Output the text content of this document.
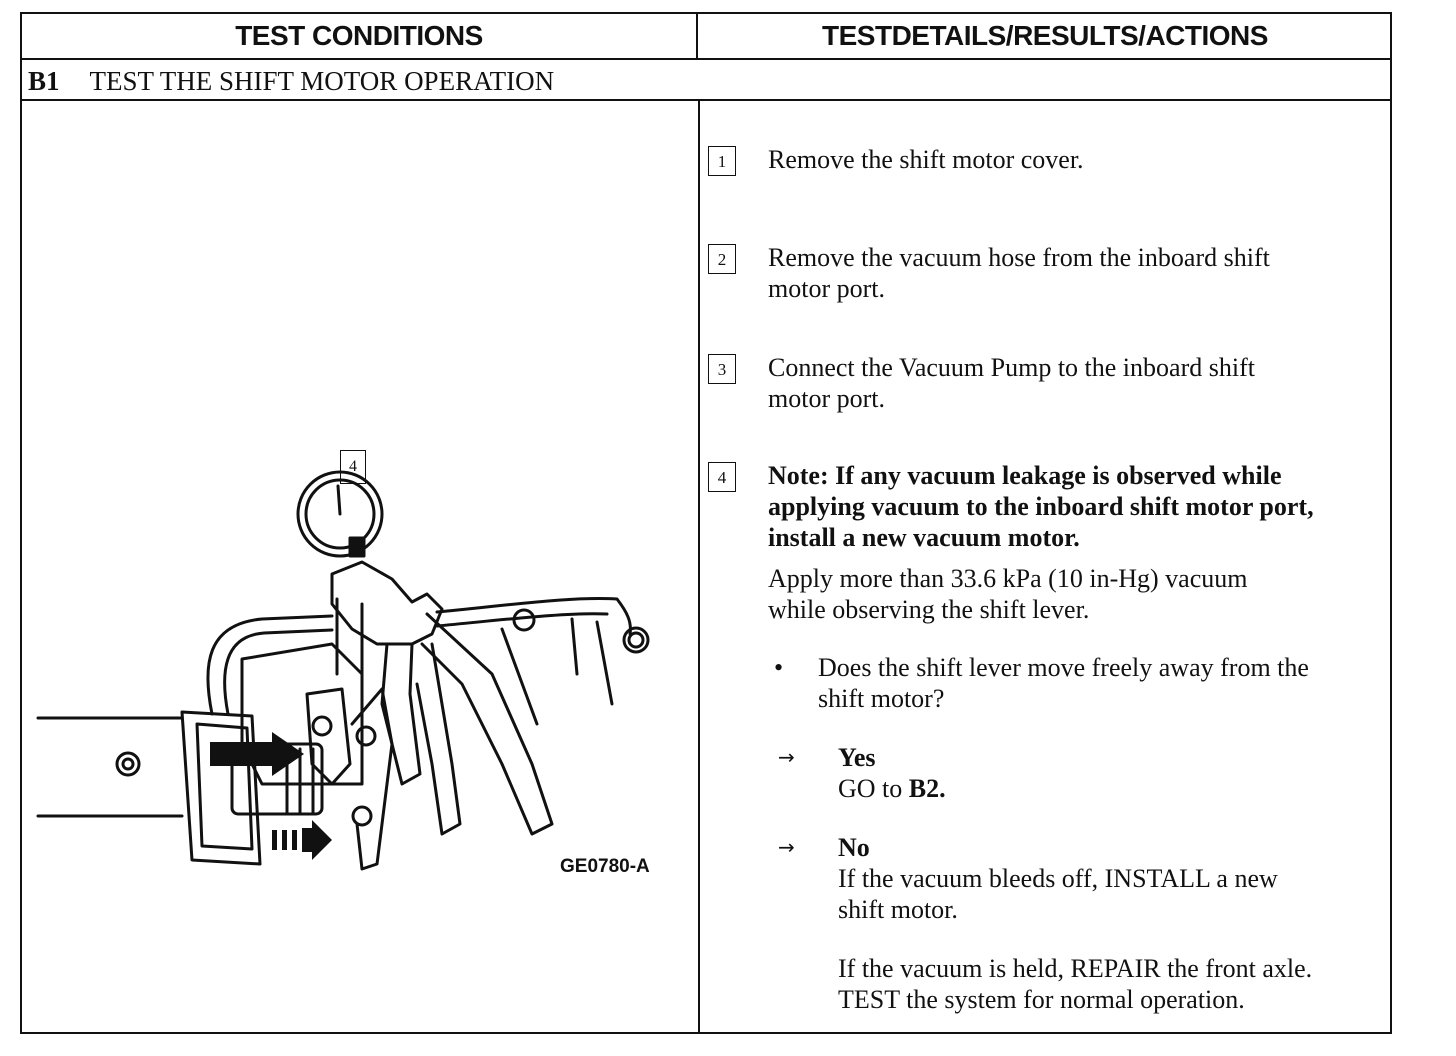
TEST CONDITIONS	TESTDETAILS/RESULTS/ACTIONS
B1 TEST THE SHIFT MOTOR OPERATION
4
GE0780-A
1	Remove the shift motor cover.
2	Remove the vacuum hose from the inboard shift
motor port.
3	Connect the Vacuum Pump to the inboard shift
motor port.
4	Note: If any vacuum leakage is observed while
applying vacuum to the inboard shift motor port,
install a new vacuum motor.
Apply more than 33.6 kPa (10 in-Hg) vacuum
while observing the shift lever.
• Does the shift lever move freely away from the
shift motor?
→ Yes
GO to B2.
→ No
If the vacuum bleeds off, INSTALL a new
shift motor.
If the vacuum is held, REPAIR the front axle.
TEST the system for normal operation.
